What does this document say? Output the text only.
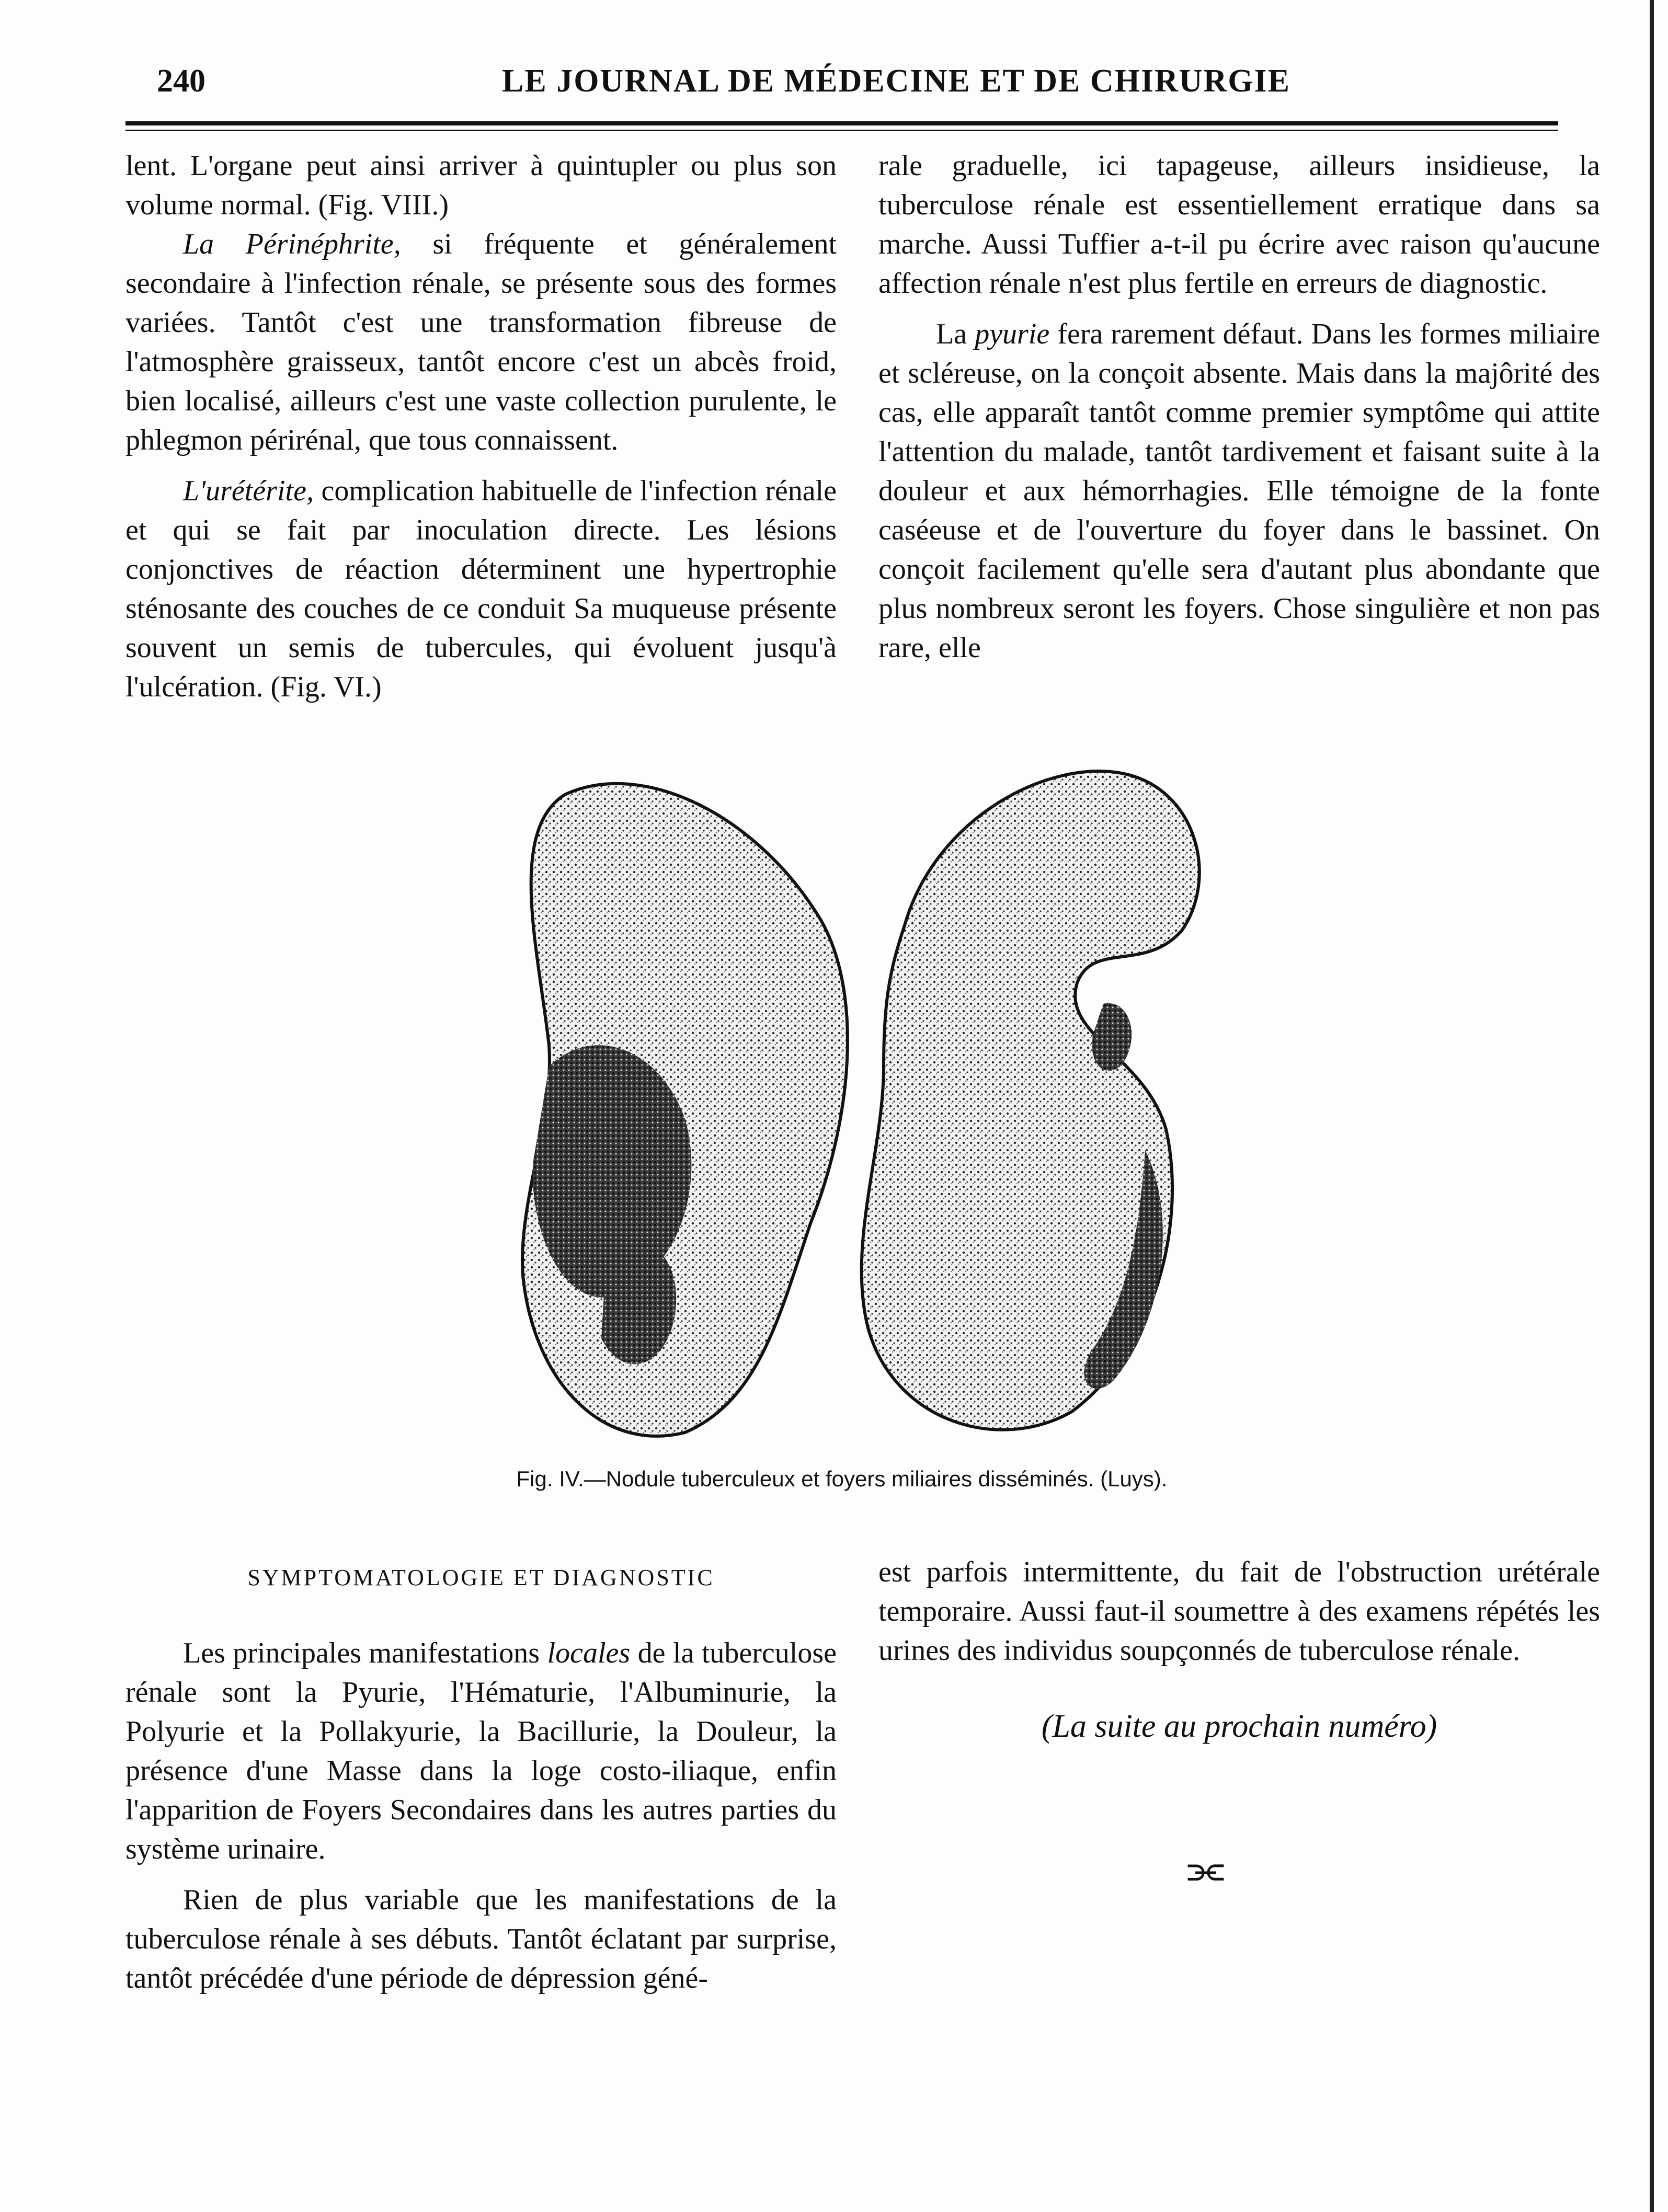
240	LE JOURNAL DE MÉDECINE ET DE CHIRURGIE

lent. L'organe peut ainsi arriver à quintupler ou plus son volume normal. (Fig. VIII.)

La Périnéphrite, si fréquente et généralement secondaire à l'infection rénale, se présente sous des formes variées. Tantôt c'est une transformation fibreuse de l'atmosphère graisseux, tantôt encore c'est un abcès froid, bien localisé, ailleurs c'est une vaste collection purulente, le phlegmon périrénal, que tous connaissent.

L'urétérite, complication habituelle de l'infection rénale et qui se fait par inoculation directe. Les lésions conjonctives de réaction déterminent une hypertrophie sténosante des couches de ce conduit Sa muqueuse présente souvent un semis de tubercules, qui évoluent jusqu'à l'ulcération. (Fig. VI.)

rale graduelle, ici tapageuse, ailleurs insidieuse, la tuberculose rénale est essentiellement erratique dans sa marche. Aussi Tuffier a-t-il pu écrire avec raison qu'aucune affection rénale n'est plus fertile en erreurs de diagnostic.

La pyurie fera rarement défaut. Dans les formes miliaire et scléreuse, on la conçoit absente. Mais dans la majôrité des cas, elle apparaît tantôt comme premier symptôme qui attite l'attention du malade, tantôt tardivement et faisant suite à la douleur et aux hémorrhagies. Elle témoigne de la fonte caséeuse et de l'ouverture du foyer dans le bassinet. On conçoit facilement qu'elle sera d'autant plus abondante que plus nombreux seront les foyers. Chose singulière et non pas rare, elle

Fig. IV.—Nodule tuberculeux et foyers miliaires disséminés. (Luys).

SYMPTOMATOLOGIE ET DIAGNOSTIC

Les principales manifestations locales de la tuberculose rénale sont la Pyurie, l'Hématurie, l'Albuminurie, la Polyurie et la Pollakyurie, la Bacillurie, la Douleur, la présence d'une Masse dans la loge costo-iliaque, enfin l'apparition de Foyers Secondaires dans les autres parties du système urinaire.

Rien de plus variable que les manifestations de la tuberculose rénale à ses débuts. Tantôt éclatant par surprise, tantôt précédée d'une période de dépression géné-

est parfois intermittente, du fait de l'obstruction urétérale temporaire. Aussi faut-il soumettre à des examens répétés les urines des individus soupçonnés de tuberculose rénale.

(La suite au prochain numéro)

⫘
